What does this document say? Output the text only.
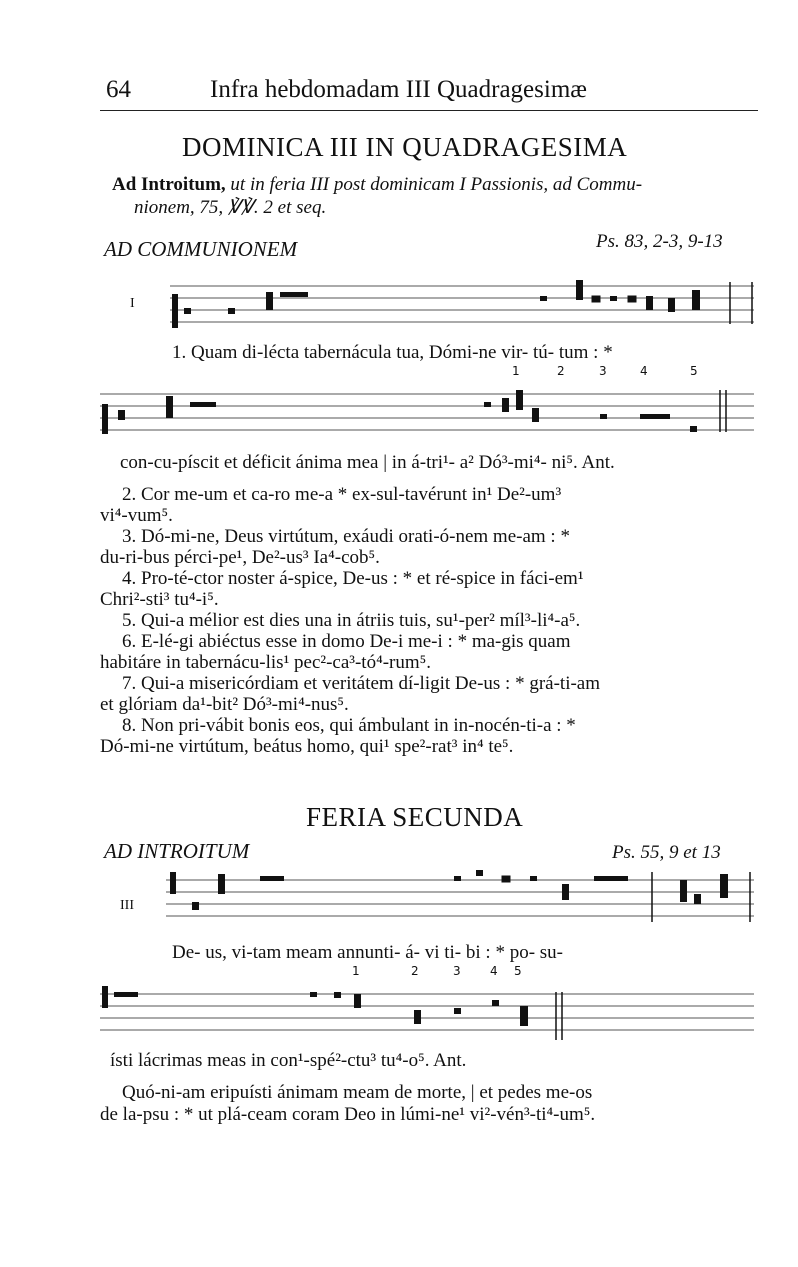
64	Infra hebdomadam III Quadragesimæ
DOMINICA III IN QUADRAGESIMA
Ad Introitum, ut in feria III post dominicam I Passionis, ad Commu-
nionem, 75, ℣℣. 2 et seq.
AD COMMUNIONEM	Ps. 83, 2-3, 9-13
I
1. Quam di-lécta tabernácula tua, Dómi-ne vir- tú- tum : *
1	2	3	4	5
con-cu-píscit et déficit ánima mea | in á-tri¹- a² Dó³-mi⁴- ni⁵. Ant.
2. Cor me-um et ca-ro me-a * ex-sul-tavérunt in¹ De²-um³
vi⁴-vum⁵.
3. Dó-mi-ne, Deus virtútum, exáudi orati-ó-nem me-am : *
du-ri-bus pérci-pe¹, De²-us³ Ia⁴-cob⁵.
4. Pro-té-ctor noster á-spice, De-us : * et ré-spice in fáci-em¹
Chri²-sti³ tu⁴-i⁵.
5. Qui-a mélior est dies una in átriis tuis, su¹-per² míl³-li⁴-a⁵.
6. E-lé-gi abiéctus esse in domo De-i me-i : * ma-gis quam
habitáre in tabernácu-lis¹ pec²-ca³-tó⁴-rum⁵.
7. Qui-a misericórdiam et veritátem dí-ligit De-us : * grá-ti-am
et glóriam da¹-bit² Dó³-mi⁴-nus⁵.
8. Non pri-vábit bonis eos, qui ámbulant in in-nocén-ti-a : *
Dó-mi-ne virtútum, beátus homo, qui¹ spe²-rat³ in⁴ te⁵.
FERIA SECUNDA
AD INTROITUM	Ps. 55, 9 et 13
III
De- us, vi-tam meam annunti- á- vi ti- bi : * po- su-
1	2	3 4 5
ísti lácrimas meas in con¹-spé²-ctu³ tu⁴-o⁵. Ant.
Quó-ni-am eripuísti ánimam meam de morte, | et pedes me-os
de la-psu : * ut plá-ceam coram Deo in lúmi-ne¹ vi²-vén³-ti⁴-um⁵.
